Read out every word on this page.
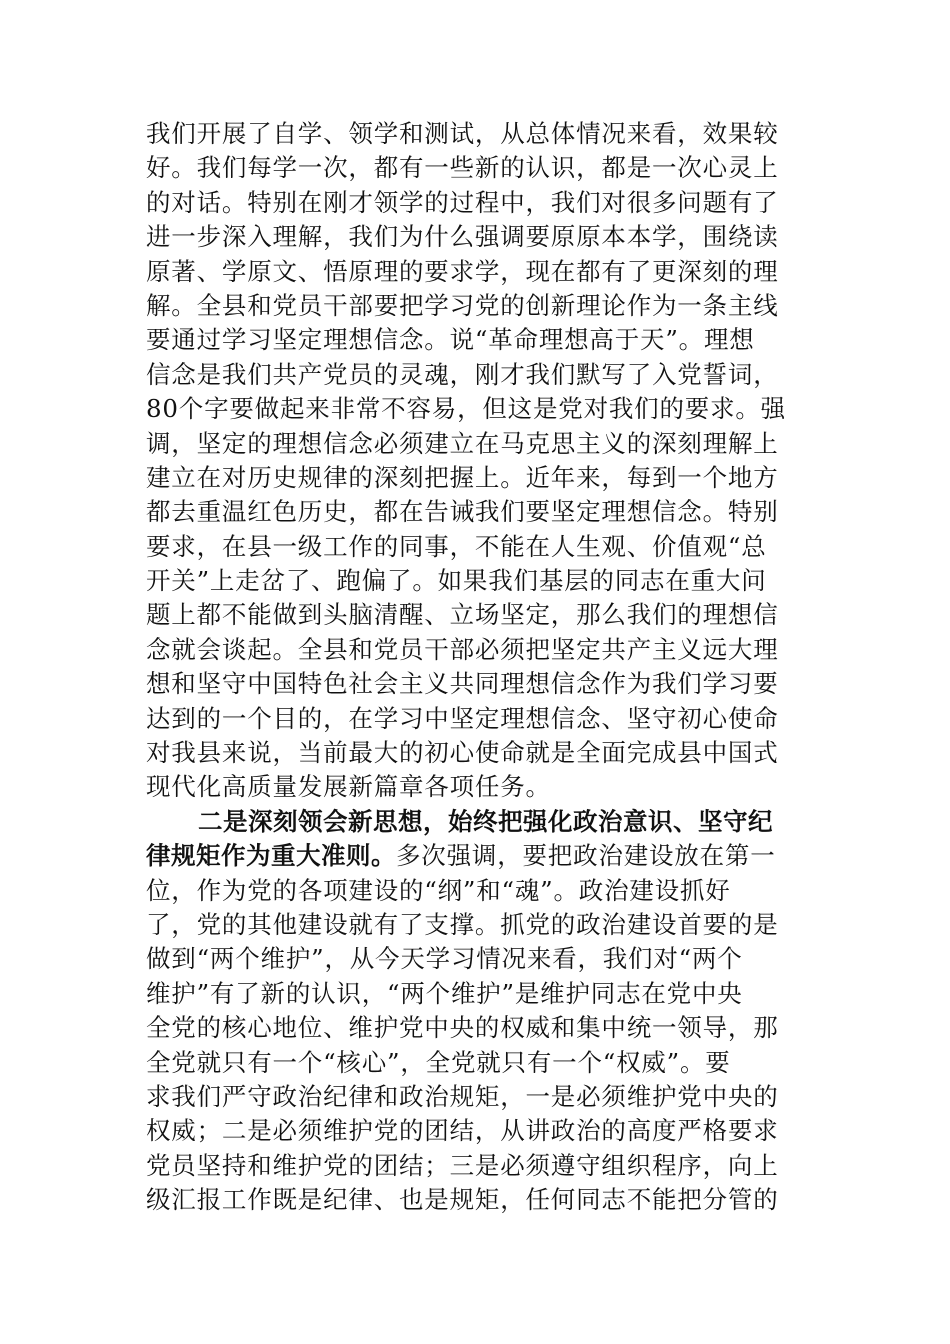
我们开展了自学、领学和测试，从总体情况来看，效果较
好。我们每学一次，都有一些新的认识，都是一次心灵上
的对话。特别在刚才领学的过程中，我们对很多问题有了
进一步深入理解，我们为什么强调要原原本本学，围绕读
原著、学原文、悟原理的要求学，现在都有了更深刻的理
解。全县和党员干部要把学习党的创新理论作为一条主线
要通过学习坚定理想信念。说“革命理想高于天”。理想
信念是我们共产党员的灵魂，刚才我们默写了入党誓词，
80个字要做起来非常不容易，但这是党对我们的要求。强
调，坚定的理想信念必须建立在马克思主义的深刻理解上
建立在对历史规律的深刻把握上。近年来，每到一个地方
都去重温红色历史，都在告诫我们要坚定理想信念。特别
要求，在县一级工作的同事，不能在人生观、价值观“总
开关”上走岔了、跑偏了。如果我们基层的同志在重大问
题上都不能做到头脑清醒、立场坚定，那么我们的理想信
念就会谈起。全县和党员干部必须把坚定共产主义远大理
想和坚守中国特色社会主义共同理想信念作为我们学习要
达到的一个目的，在学习中坚定理想信念、坚守初心使命
对我县来说，当前最大的初心使命就是全面完成县中国式
现代化高质量发展新篇章各项任务。
二是深刻领会新思想，始终把强化政治意识、坚守纪
律规矩作为重大准则。多次强调，要把政治建设放在第一
位，作为党的各项建设的“纲”和“魂”。政治建设抓好
了，党的其他建设就有了支撑。抓党的政治建设首要的是
做到“两个维护”，从今天学习情况来看，我们对“两个
维护”有了新的认识，“两个维护”是维护同志在党中央
全党的核心地位、维护党中央的权威和集中统一领导，那
全党就只有一个“核心”，全党就只有一个“权威”。要
求我们严守政治纪律和政治规矩，一是必须维护党中央的
权威；二是必须维护党的团结，从讲政治的高度严格要求
党员坚持和维护党的团结；三是必须遵守组织程序，向上
级汇报工作既是纪律、也是规矩，任何同志不能把分管的
